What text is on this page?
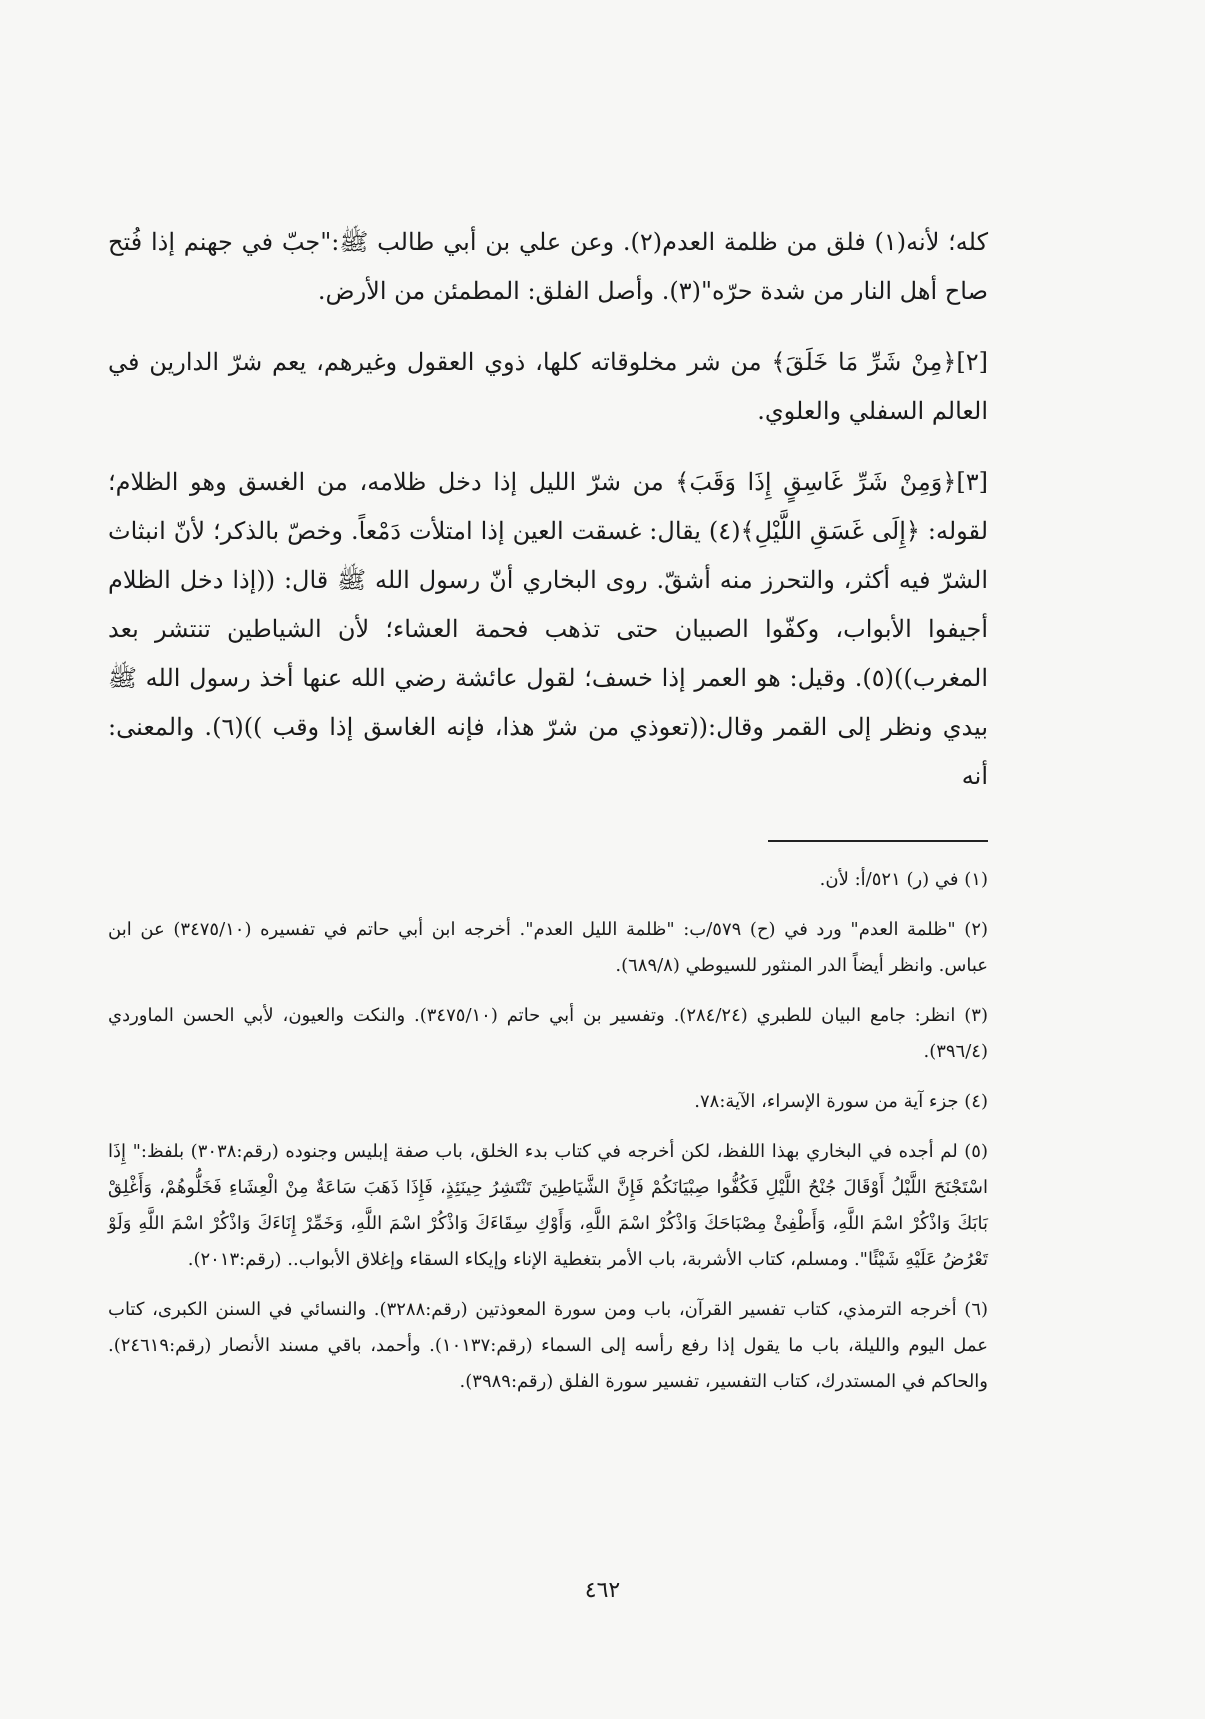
كله؛ لأنه(١) فلق من ظلمة العدم(٢). وعن علي بن أبي طالب ﷺ:"جبّ في جهنم إذا فُتح صاح أهل النار من شدة حرّه"(٣). وأصل الفلق: المطمئن من الأرض.

[٢]﴿مِنْ شَرِّ مَا خَلَقَ﴾ من شر مخلوقاته كلها، ذوي العقول وغيرهم، يعم شرّ الدارين في العالم السفلي والعلوي.

[٣]﴿وَمِنْ شَرِّ غَاسِقٍ إِذَا وَقَبَ﴾ من شرّ الليل إذا دخل ظلامه، من الغسق وهو الظلام؛ لقوله: ﴿إِلَى غَسَقِ اللَّيْلِ﴾(٤) يقال: غسقت العين إذا امتلأت دَمْعاً. وخصّ بالذكر؛ لأنّ انبثاث الشرّ فيه أكثر، والتحرز منه أشقّ. روى البخاري أنّ رسول الله ﷺ قال: ((إذا دخل الظلام أجيفوا الأبواب، وكفّوا الصبيان حتى تذهب فحمة العشاء؛ لأن الشياطين تنتشر بعد المغرب))(٥). وقيل: هو العمر إذا خسف؛ لقول عائشة رضي الله عنها أخذ رسول الله ﷺ بيدي ونظر إلى القمر وقال:((تعوذي من شرّ هذا، فإنه الغاسق إذا وقب ))(٦). والمعنى: أنه

(١) في (ر) ٥٢١/أ: لأن.

(٢) "ظلمة العدم" ورد في (ح) ٥٧٩/ب: "ظلمة الليل العدم". أخرجه ابن أبي حاتم في تفسيره (٣٤٧٥/١٠) عن ابن عباس. وانظر أيضاً الدر المنثور للسيوطي (٦٨٩/٨).

(٣) انظر: جامع البيان للطبري (٢٨٤/٢٤). وتفسير بن أبي حاتم (٣٤٧٥/١٠). والنكت والعيون، لأبي الحسن الماوردي (٣٩٦/٤).

(٤) جزء آية من سورة الإسراء، الآية:٧٨.

(٥) لم أجده في البخاري بهذا اللفظ، لكن أخرجه في كتاب بدء الخلق، باب صفة إبليس وجنوده (رقم:٣٠٣٨) بلفظ:" إِذَا اسْتَجْنَحَ اللَّيْلُ أَوْقَالَ جُنْحُ اللَّيْلِ فَكُفُّوا صِبْيَانَكُمْ فَإِنَّ الشَّيَاطِينَ تَنْتَشِرُ حِينَئِذٍ، فَإِذَا ذَهَبَ سَاعَةٌ مِنْ الْعِشَاءِ فَخَلُّوهُمْ، وَأَغْلِقْ بَابَكَ وَاذْكُرْ اسْمَ اللَّهِ، وَأَطْفِئْ مِصْبَاحَكَ وَاذْكُرْ اسْمَ اللَّهِ، وَأَوْكِ سِقَاءَكَ وَاذْكُرْ اسْمَ اللَّهِ، وَخَمِّرْ إِنَاءَكَ وَاذْكُرْ اسْمَ اللَّهِ وَلَوْ تَعْرُضُ عَلَيْهِ شَيْئًا". ومسلم، كتاب الأشربة، باب الأمر بتغطية الإناء وإيكاء السقاء وإغلاق الأبواب.. (رقم:٢٠١٣).

(٦) أخرجه الترمذي، كتاب تفسير القرآن، باب ومن سورة المعوذتين (رقم:٣٢٨٨). والنسائي في السنن الكبرى، كتاب عمل اليوم والليلة، باب ما يقول إذا رفع رأسه إلى السماء (رقم:١٠١٣٧). وأحمد، باقي مسند الأنصار (رقم:٢٤٦١٩). والحاكم في المستدرك، كتاب التفسير، تفسير سورة الفلق (رقم:٣٩٨٩).

٤٦٢
